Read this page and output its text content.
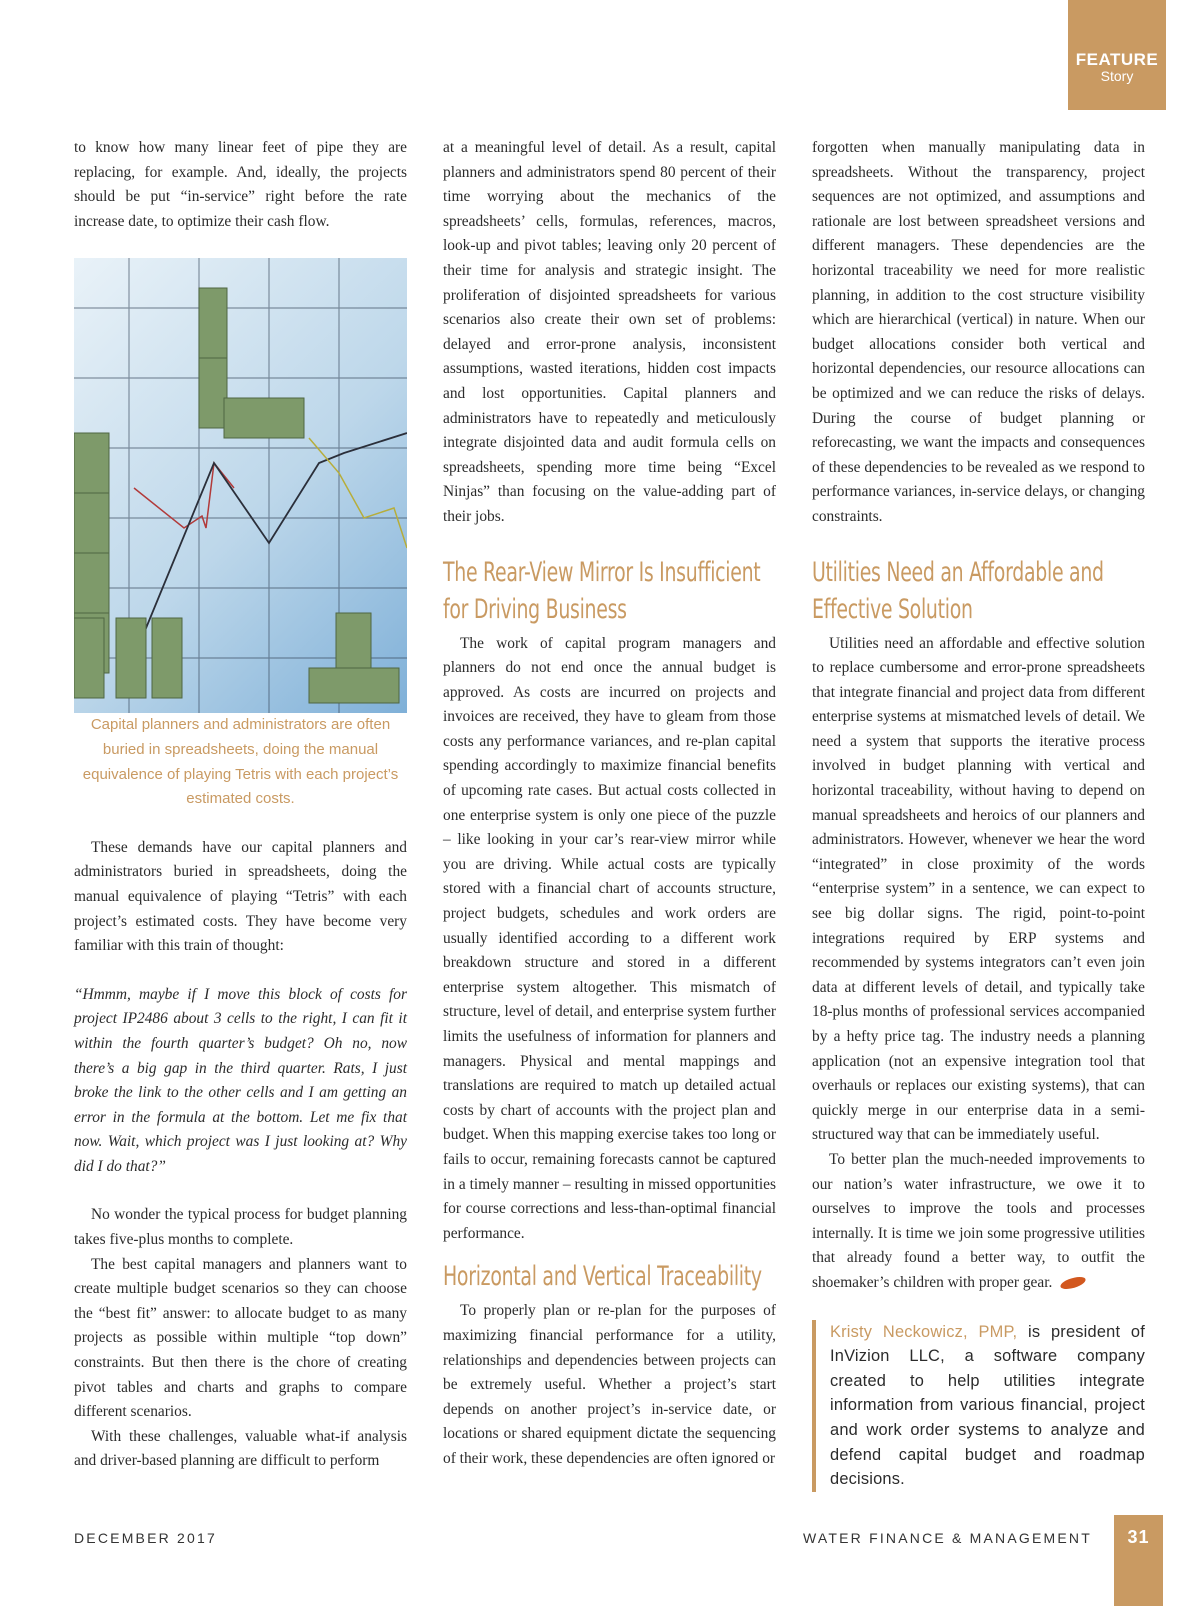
FEATURE
Story

to know how many linear feet of pipe they are replacing, for example. And, ideally, the projects should be put “in-service” right before the rate increase date, to optimize their cash flow.

Capital planners and administrators are often buried in spreadsheets, doing the manual equivalence of playing Tetris with each project’s estimated costs.

These demands have our capital planners and administrators buried in spreadsheets, doing the manual equivalence of playing “Tetris” with each project’s estimated costs. They have become very familiar with this train of thought:

“Hmmm, maybe if I move this block of costs for project IP2486 about 3 cells to the right, I can fit it within the fourth quarter’s budget? Oh no, now there’s a big gap in the third quarter. Rats, I just broke the link to the other cells and I am getting an error in the formula at the bottom. Let me fix that now. Wait, which project was I just looking at? Why did I do that?”

No wonder the typical process for budget planning takes five-plus months to complete.

The best capital managers and planners want to create multiple budget scenarios so they can choose the “best fit” answer: to allocate budget to as many projects as possible within multiple “top down” constraints. But then there is the chore of creating pivot tables and charts and graphs to compare different scenarios.

With these challenges, valuable what-if analysis and driver-based planning are difficult to perform

at a meaningful level of detail. As a result, capital planners and administrators spend 80 percent of their time worrying about the mechanics of the spreadsheets’ cells, formulas, references, macros, look-up and pivot tables; leaving only 20 percent of their time for analysis and strategic insight. The proliferation of disjointed spreadsheets for various scenarios also create their own set of problems: delayed and error-prone analysis, inconsistent assumptions, wasted iterations, hidden cost impacts and lost opportunities. Capital planners and administrators have to repeatedly and meticulously integrate disjointed data and audit formula cells on spreadsheets, spending more time being “Excel Ninjas” than focusing on the value-adding part of their jobs.

The Rear-View Mirror Is Insufficient for Driving Business

The work of capital program managers and planners do not end once the annual budget is approved. As costs are incurred on projects and invoices are received, they have to gleam from those costs any performance variances, and re-plan capital spending accordingly to maximize financial benefits of upcoming rate cases. But actual costs collected in one enterprise system is only one piece of the puzzle – like looking in your car’s rear-view mirror while you are driving. While actual costs are typically stored with a financial chart of accounts structure, project budgets, schedules and work orders are usually identified according to a different work breakdown structure and stored in a different enterprise system altogether. This mismatch of structure, level of detail, and enterprise system further limits the usefulness of information for planners and managers. Physical and mental mappings and translations are required to match up detailed actual costs by chart of accounts with the project plan and budget. When this mapping exercise takes too long or fails to occur, remaining forecasts cannot be captured in a timely manner – resulting in missed opportunities for course corrections and less-than-optimal financial performance.

Horizontal and Vertical Traceability

To properly plan or re-plan for the purposes of maximizing financial performance for a utility, relationships and dependencies between projects can be extremely useful. Whether a project’s start depends on another project’s in-service date, or locations or shared equipment dictate the sequencing of their work, these dependencies are often ignored or

forgotten when manually manipulating data in spreadsheets. Without the transparency, project sequences are not optimized, and assumptions and rationale are lost between spreadsheet versions and different managers. These dependencies are the horizontal traceability we need for more realistic planning, in addition to the cost structure visibility which are hierarchical (vertical) in nature. When our budget allocations consider both vertical and horizontal dependencies, our resource allocations can be optimized and we can reduce the risks of delays. During the course of budget planning or reforecasting, we want the impacts and consequences of these dependencies to be revealed as we respond to performance variances, in-service delays, or changing constraints.

Utilities Need an Affordable and Effective Solution

Utilities need an affordable and effective solution to replace cumbersome and error-prone spreadsheets that integrate financial and project data from different enterprise systems at mismatched levels of detail. We need a system that supports the iterative process involved in budget planning with vertical and horizontal traceability, without having to depend on manual spreadsheets and heroics of our planners and administrators. However, whenever we hear the word “integrated” in close proximity of the words “enterprise system” in a sentence, we can expect to see big dollar signs. The rigid, point-to-point integrations required by ERP systems and recommended by systems integrators can’t even join data at different levels of detail, and typically take 18-plus months of professional services accompanied by a hefty price tag. The industry needs a planning application (not an expensive integration tool that overhauls or replaces our existing systems), that can quickly merge in our enterprise data in a semi-structured way that can be immediately useful.

To better plan the much-needed improvements to our nation’s water infrastructure, we owe it to ourselves to improve the tools and processes internally. It is time we join some progressive utilities that already found a better way, to outfit the shoemaker’s children with proper gear.

Kristy Neckowicz, PMP, is president of InVizion LLC, a software company created to help utilities integrate information from various financial, project and work order systems to analyze and defend capital budget and roadmap decisions.
DECEMBER 2017	WATER FINANCE & MANAGEMENT	31
